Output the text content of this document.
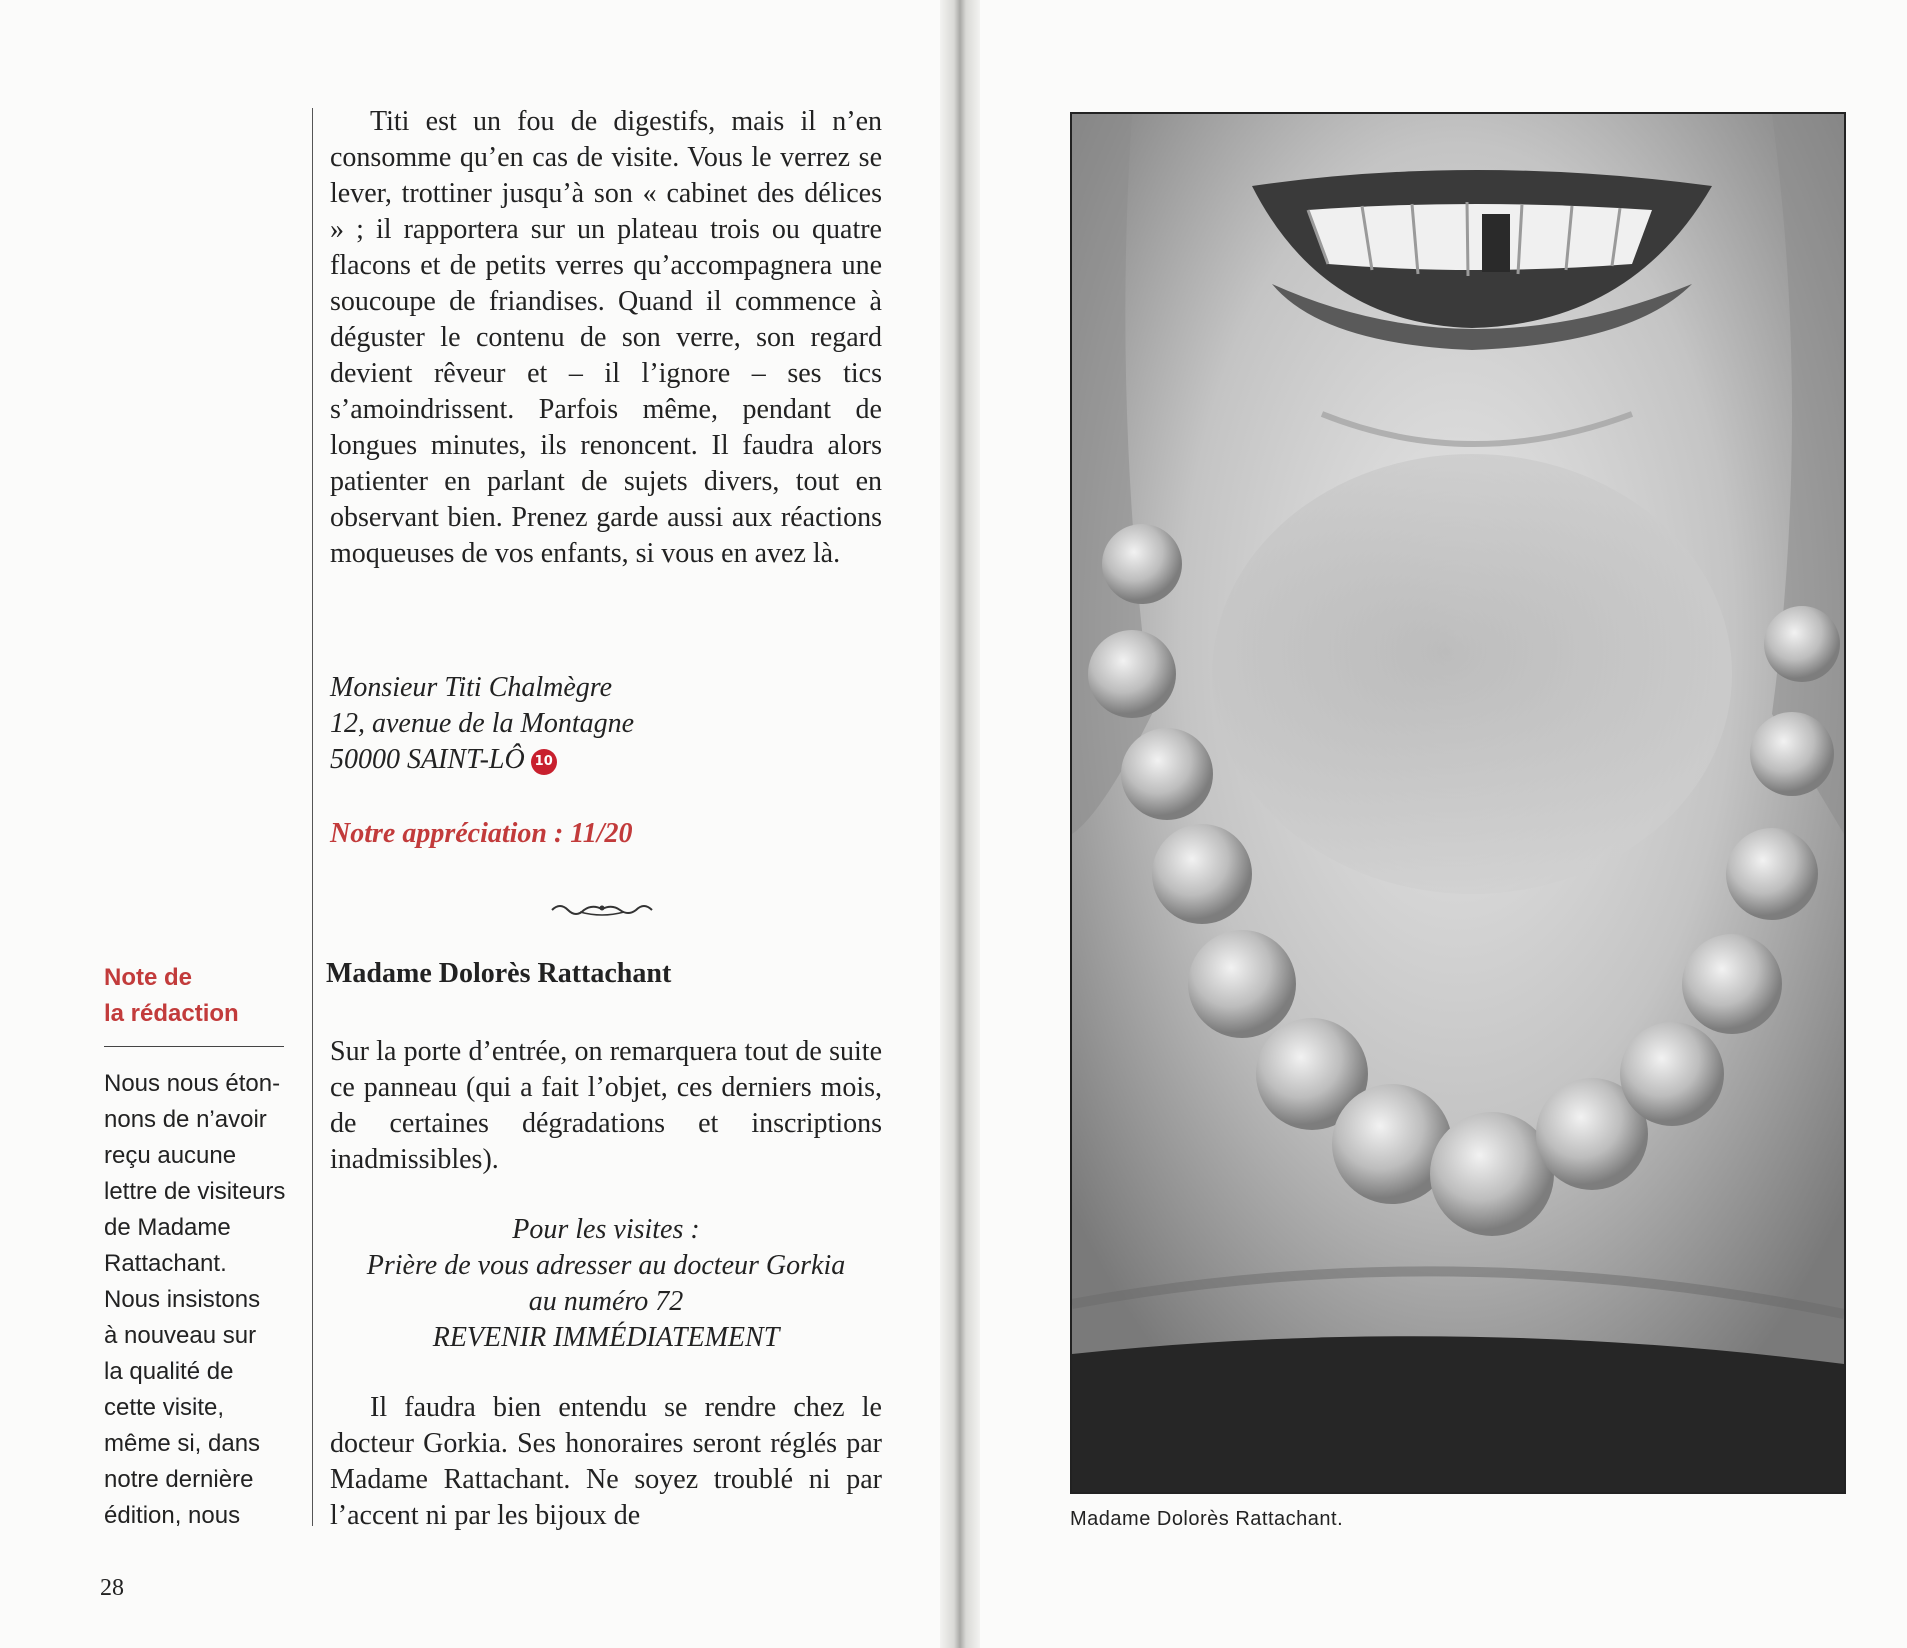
Titi est un fou de digestifs, mais il n’en consomme qu’en cas de visite. Vous le verrez se lever, trottiner jusqu’à son « cabinet des délices » ; il rapportera sur un plateau trois ou quatre flacons et de petits verres qu’accompagnera une soucoupe de friandises. Quand il commence à déguster le contenu de son verre, son regard devient rêveur et – il l’ignore – ses tics s’amoindrissent. Parfois même, pendant de longues minutes, ils renoncent. Il faudra alors patienter en parlant de sujets divers, tout en observant bien. Prenez garde aussi aux réactions moqueuses de vos enfants, si vous en avez là.

Monsieur Titi Chalmègre
12, avenue de la Montagne
50000 SAINT-LÔ 10

Notre appréciation : 11/20

Madame Dolorès Rattachant

Sur la porte d’entrée, on remarquera tout de suite ce panneau (qui a fait l’objet, ces derniers mois, de certaines dégradations et inscriptions inadmissibles).

Pour les visites :
Prière de vous adresser au docteur Gorkia
au numéro 72
REVENIR IMMÉDIATEMENT

Il faudra bien entendu se rendre chez le docteur Gorkia. Ses honoraires seront réglés par Madame Rattachant. Ne soyez troublé ni par l’accent ni par les bijoux de

Note de
la rédaction

Nous nous éton-
nons de n’avoir
reçu aucune
lettre de visiteurs
de Madame
Rattachant.
Nous insistons
à nouveau sur
la qualité de
cette visite,
même si, dans
notre dernière
édition, nous

28

Madame Dolorès Rattachant.
